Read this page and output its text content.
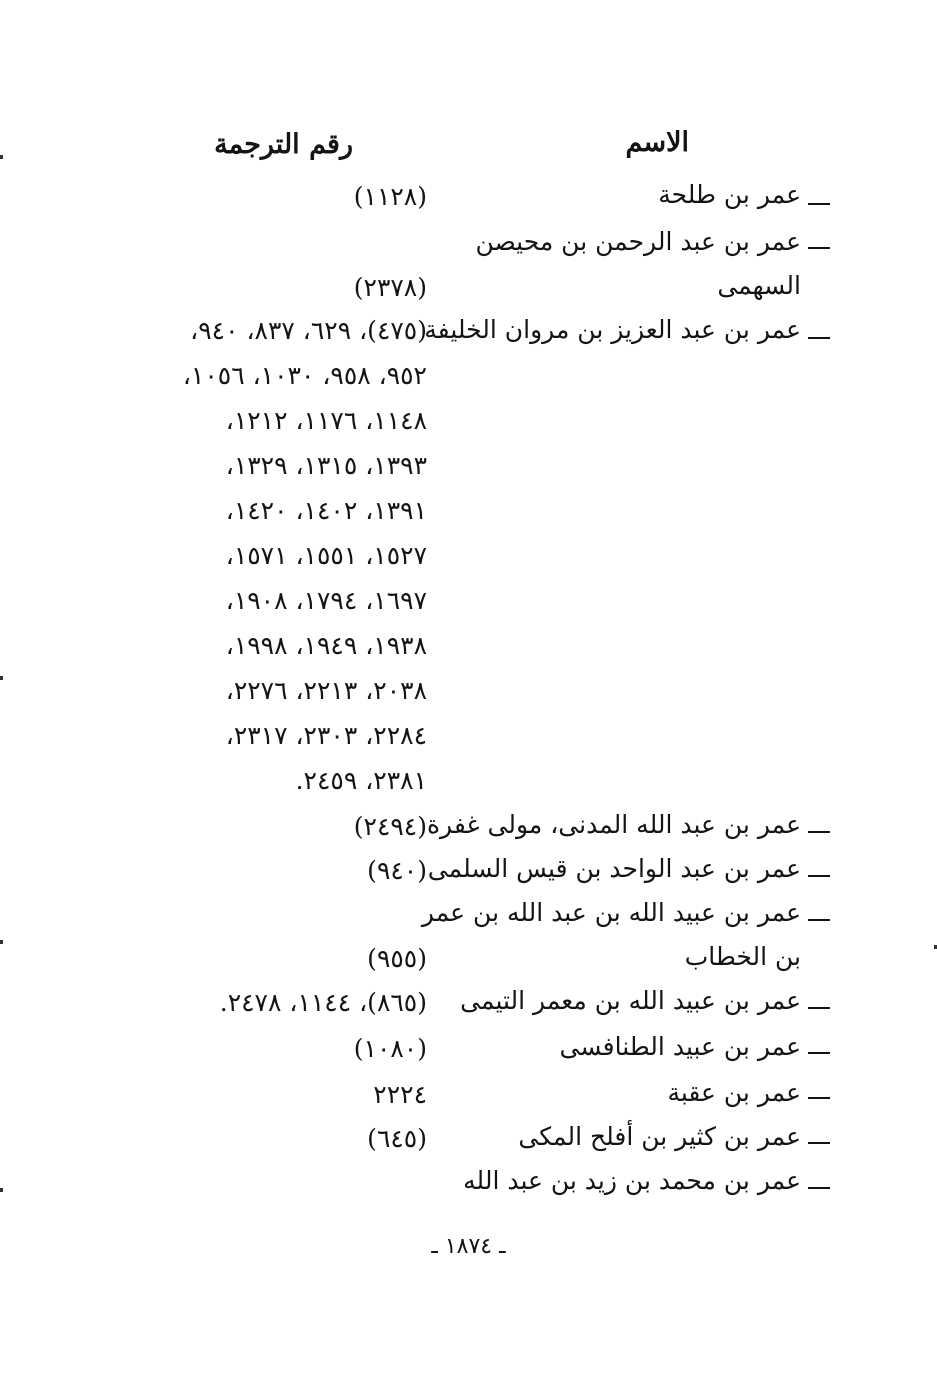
الاسم
رقم الترجمة
عمر بن طلحة
(١١٢٨)
عمر بن عبد الرحمن بن محيصن
السهمى
(٢٣٧٨)
عمر بن عبد العزيز بن مروان الخليفة
(٤٧٥)، ٦٢٩، ٨٣٧، ٩٤٠،
٩٥٢، ٩٥٨، ١٠٣٠، ١٠٥٦،
١١٤٨، ١١٧٦، ١٢١٢،
١٣٩٣، ١٣١٥، ١٣٢٩،
١٣٩١، ١٤٠٢، ١٤٢٠،
١٥٢٧، ١٥٥١، ١٥٧١،
١٦٩٧، ١٧٩٤، ١٩٠٨،
١٩٣٨، ١٩٤٩، ١٩٩٨،
٢٠٣٨، ٢٢١٣، ٢٢٧٦،
٢٢٨٤، ٢٣٠٣، ٢٣١٧،
٢٣٨١، ٢٤٥٩.
عمر بن عبد الله المدنى، مولى غفرة
(٢٤٩٤)
عمر بن عبد الواحد بن قيس السلمى
(٩٤٠)
عمر بن عبيد الله بن عبد الله بن عمر
بن الخطاب
(٩٥٥)
عمر بن عبيد الله بن معمر التيمى
(٨٦٥)، ١١٤٤، ٢٤٧٨.
عمر بن عبيد الطنافسى
(١٠٨٠)
عمر بن عقبة
٢٢٢٤
عمر بن كثير بن أفلح المكى
(٦٤٥)
عمر بن محمد بن زيد بن عبد الله
ـ ١٨٧٤ ـ
